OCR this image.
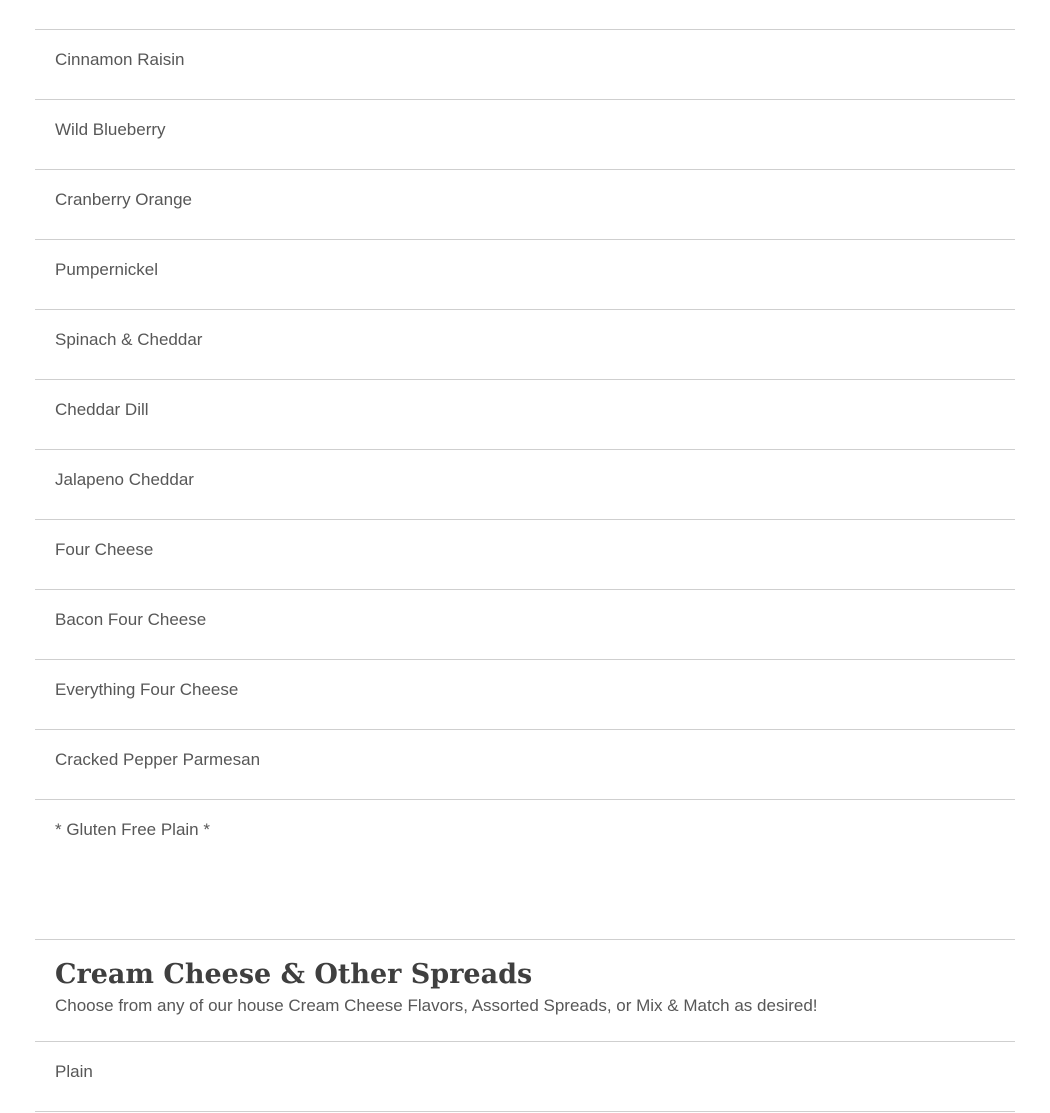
Cinnamon Raisin
Wild Blueberry
Cranberry Orange
Pumpernickel
Spinach & Cheddar
Cheddar Dill
Jalapeno Cheddar
Four Cheese
Bacon Four Cheese
Everything Four Cheese
Cracked Pepper Parmesan
* Gluten Free Plain *
Cream Cheese & Other Spreads
Choose from any of our house Cream Cheese Flavors, Assorted Spreads, or Mix & Match as desired!
Plain
